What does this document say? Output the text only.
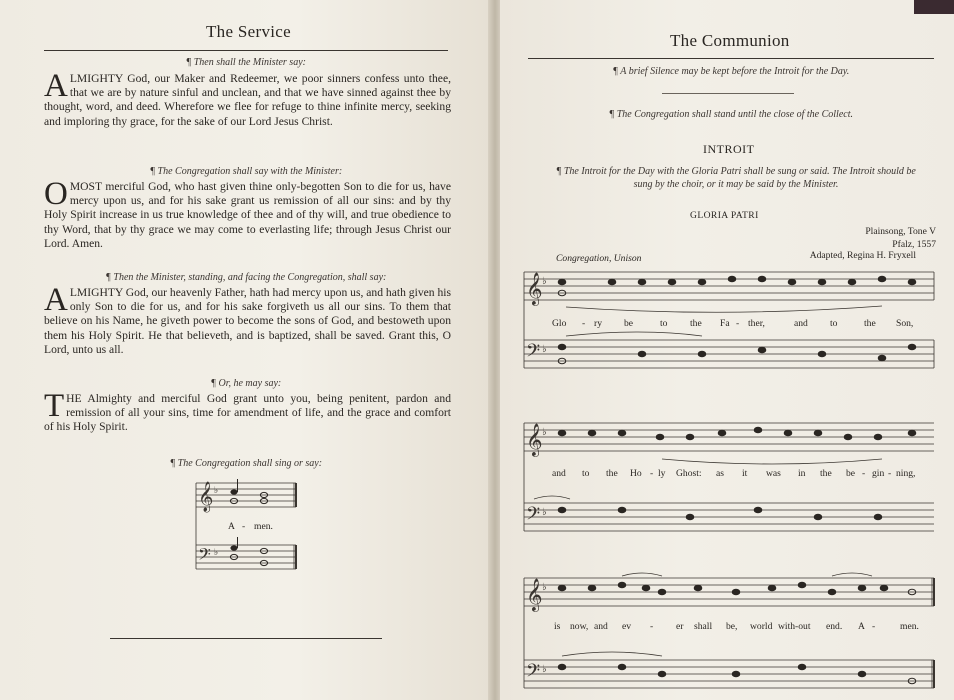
The Service
¶ Then shall the Minister say:
ALMIGHTY God, our Maker and Redeemer, we poor sinners confess unto thee, that we are by nature sinful and unclean, and that we have sinned against thee by thought, word, and deed. Wherefore we flee for refuge to thine infinite mercy, seeking and imploring thy grace, for the sake of our Lord Jesus Christ.
¶ The Congregation shall say with the Minister:
OMOST merciful God, who hast given thine only-begotten Son to die for us, have mercy upon us, and for his sake grant us remission of all our sins: and by thy Holy Spirit increase in us true knowledge of thee and of thy will, and true obedience to thy Word, that by thy grace we may come to everlasting life; through Jesus Christ our Lord. Amen.
¶ Then the Minister, standing, and facing the Congregation, shall say:
ALMIGHTY God, our heavenly Father, hath had mercy upon us, and hath given his only Son to die for us, and for his sake forgiveth us all our sins. To them that believe on his Name, he giveth power to become the sons of God, and bestoweth upon them his Holy Spirit. He that believeth, and is baptized, shall be saved. Grant this, O Lord, unto us all.
¶ Or, he may say:
THE Almighty and merciful God grant unto you, being penitent, pardon and remission of all your sins, time for amendment of life, and the grace and comfort of his Holy Spirit.
¶ The Congregation shall sing or say:
𝄞
𝄢
♭
♭
A - men.
The Communion
¶ A brief Silence may be kept before the Introit for the Day.
¶ The Congregation shall stand until the close of the Collect.
INTROIT
¶ The Introit for the Day with the Gloria Patri shall be sung or said. The Introit should be
sung by the choir, or it may be said by the Minister.
GLORIA PATRI
Plainsong, Tone V
Pfalz, 1557
Adapted, Regina H. Fryxell
Congregation, Unison
𝄞
𝄢
♭
♭
Glo - ry be	to the Fa - ther,	and to	the Son,
𝄞
𝄢
♭
♭
and to the Ho - ly Ghost: as it was in the be - gin - ning,
𝄞
𝄢
♭
♭
is now, and ev - er shall be, world with-out end. A -	men.
